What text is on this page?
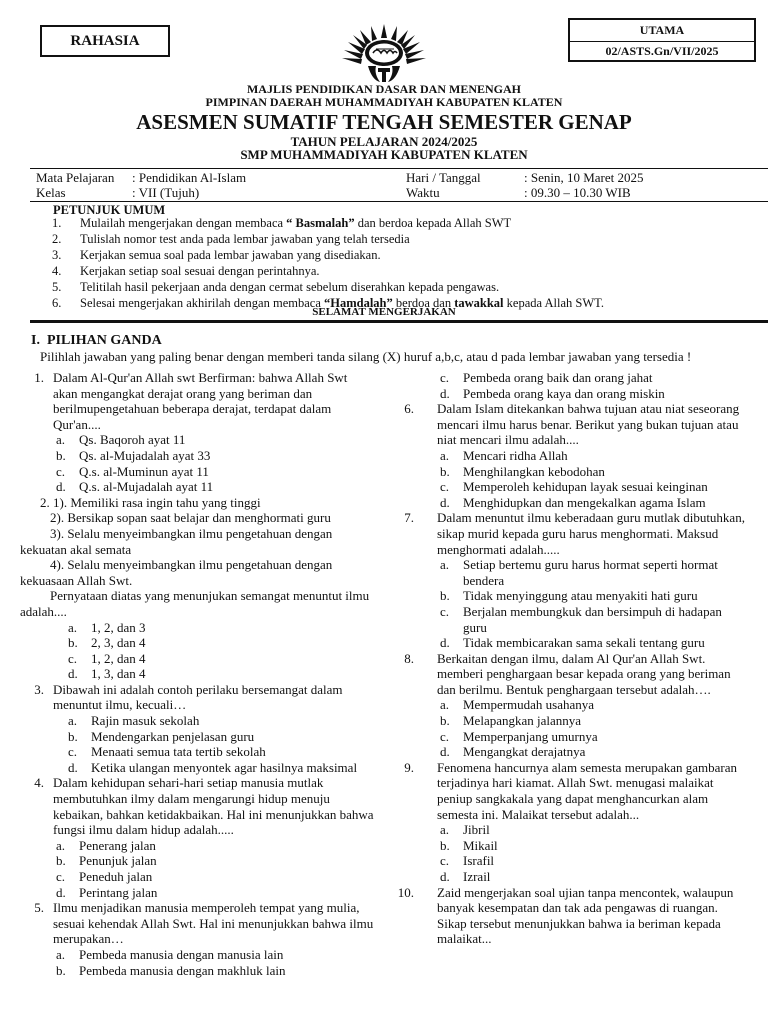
RAHASIA
UTAMA
02/ASTS.Gn/VII/2025
MAJLIS PENDIDIKAN DASAR DAN MENENGAH
PIMPINAN DAERAH MUHAMMADIYAH KABUPATEN KLATEN
ASESMEN SUMATIF TENGAH SEMESTER GENAP
TAHUN PELAJARAN 2024/2025
SMP MUHAMMADIYAH KABUPATEN KLATEN
Mata Pelajaran : Pendidikan Al-Islam
Kelas	: VII (Tujuh)
Hari / Tanggal	: Senin, 10 Maret 2025
Waktu	: 09.30 – 10.30 WIB
PETUNJUK UMUM
1. Mulailah mengerjakan dengan membaca “ Basmalah” dan berdoa kepada Allah SWT
2. Tulislah nomor test anda pada lembar jawaban yang telah tersedia
3. Kerjakan semua soal pada lembar jawaban yang disediakan.
4. Kerjakan setiap soal sesuai dengan perintahnya.
5. Telitilah hasil pekerjaan anda dengan cermat sebelum diserahkan kepada pengawas.
6. Selesai mengerjakan akhirilah dengan membaca “Hamdalah” berdoa dan tawakkal kepada Allah SWT.
SELAMAT MENGERJAKAN
I. PILIHAN GANDA
Pilihlah jawaban yang paling benar dengan memberi tanda silang (X) huruf a,b,c, atau d pada lembar jawaban yang tersedia !
1. Dalam Al-Qur'an Allah swt Berfirman: bahwa Allah Swt akan mengangkat derajat orang yang beriman dan berilmupengetahuan beberapa derajat, terdapat dalam Qur'an....
a. Qs. Baqoroh ayat 11
b. Qs. al-Mujadalah ayat 33
c. Q.s. al-Muminun ayat 11
d. Q.s. al-Mujadalah ayat 11
2. 1). Memiliki rasa ingin tahu yang tinggi
2). Bersikap sopan saat belajar dan menghormati guru
3). Selalu menyeimbangkan ilmu pengetahuan dengan kekuatan akal semata
4). Selalu menyeimbangkan ilmu pengetahuan dengan kekuasaan Allah Swt.
Pernyataan diatas yang menunjukan semangat menuntut ilmu adalah....
a. 1, 2, dan 3
b. 2, 3, dan 4
c. 1, 2, dan 4
d. 1, 3, dan 4
3. Dibawah ini adalah contoh perilaku bersemangat dalam menuntut ilmu, kecuali…
a. Rajin masuk sekolah
b. Mendengarkan penjelasan guru
c. Menaati semua tata tertib sekolah
d. Ketika ulangan menyontek agar hasilnya maksimal
4. Dalam kehidupan sehari-hari setiap manusia mutlak membutuhkan ilmy dalam mengarungi hidup menuju kebaikan, bahkan ketidakbaikan. Hal ini menunjukkan bahwa fungsi ilmu dalam hidup adalah.....
a. Penerang jalan
b. Penunjuk jalan
c. Peneduh jalan
d. Perintang jalan
5. Ilmu menjadikan manusia memperoleh tempat yang mulia, sesuai kehendak Allah Swt. Hal ini menunjukkan bahwa ilmu merupakan…
a. Pembeda manusia dengan manusia lain
b. Pembeda manusia dengan makhluk lain
c. Pembeda orang baik dan orang jahat
d. Pembeda orang kaya dan orang miskin
6. Dalam Islam ditekankan bahwa tujuan atau niat seseorang mencari ilmu harus benar. Berikut yang bukan tujuan atau niat mencari ilmu adalah....
a. Mencari ridha Allah
b. Menghilangkan kebodohan
c. Memperoleh kehidupan layak sesuai keinginan
d. Menghidupkan dan mengekalkan agama Islam
7. Dalam menuntut ilmu keberadaan guru mutlak dibutuhkan, sikap murid kepada guru harus menghormati. Maksud menghormati adalah.....
a. Setiap bertemu guru harus hormat seperti hormat bendera
b. Tidak menyinggung atau menyakiti hati guru
c. Berjalan membungkuk dan bersimpuh di hadapan guru
d. Tidak membicarakan sama sekali tentang guru
8. Berkaitan dengan ilmu, dalam Al Qur'an Allah Swt. memberi penghargaan besar kepada orang yang beriman dan berilmu. Bentuk penghargaan tersebut adalah….
a. Mempermudah usahanya
b. Melapangkan jalannya
c. Memperpanjang umurnya
d. Mengangkat derajatnya
9. Fenomena hancurnya alam semesta merupakan gambaran terjadinya hari kiamat. Allah Swt. menugasi malaikat peniup sangkakala yang dapat menghancurkan alam semesta ini. Malaikat tersebut adalah...
a. Jibril
b. Mikail
c. Israfil
d. Izrail
10. Zaid mengerjakan soal ujian tanpa mencontek, walaupun banyak kesempatan dan tak ada pengawas di ruangan. Sikap tersebut menunjukkan bahwa ia beriman kepada malaikat...
